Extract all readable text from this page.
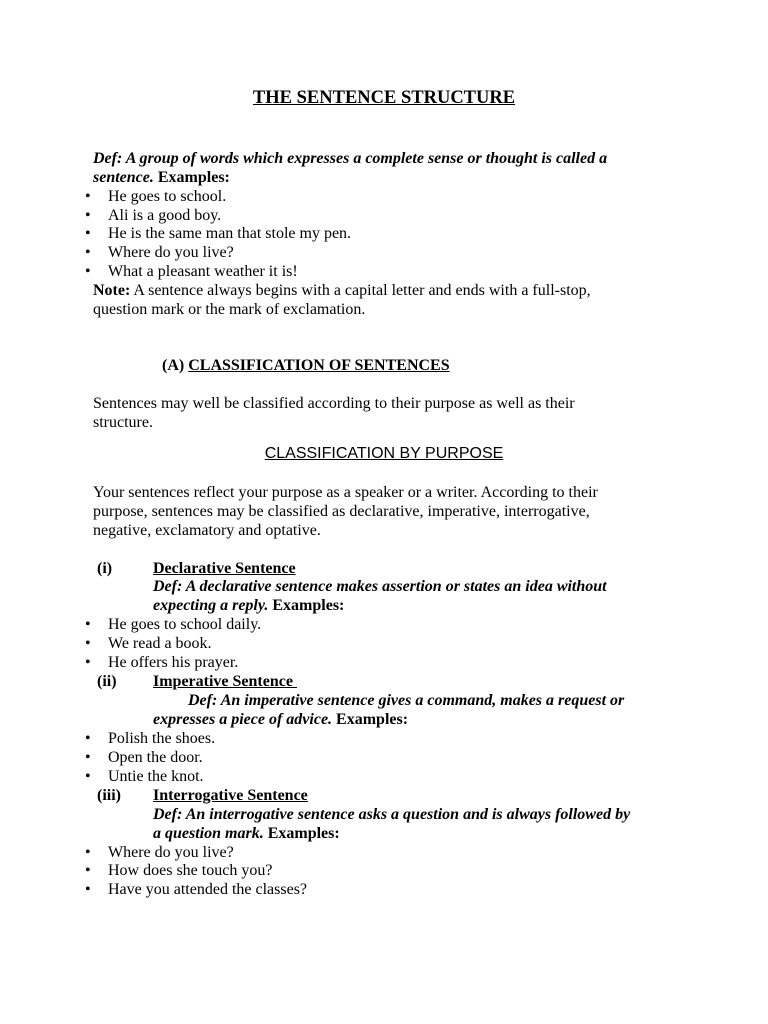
THE SENTENCE STRUCTURE
Def: A group of words which expresses a complete sense or thought is called a
sentence. Examples:
• He goes to school.
• Ali is a good boy.
• He is the same man that stole my pen.
• Where do you live?
• What a pleasant weather it is!
Note: A sentence always begins with a capital letter and ends with a full-stop,
question mark or the mark of exclamation.
(A) CLASSIFICATION OF SENTENCES
Sentences may well be classified according to their purpose as well as their
structure.
CLASSIFICATION BY PURPOSE
Your sentences reflect your purpose as a speaker or a writer. According to their
purpose, sentences may be classified as declarative, imperative, interrogative,
negative, exclamatory and optative.
(i)	Declarative Sentence
Def: A declarative sentence makes assertion or states an idea without
expecting a reply. Examples:
• He goes to school daily.
• We read a book.
• He offers his prayer.
(ii) Imperative Sentence
Def: An imperative sentence gives a command, makes a request or
expresses a piece of advice. Examples:
• Polish the shoes.
• Open the door.
• Untie the knot.
(iii) Interrogative Sentence
Def: An interrogative sentence asks a question and is always followed by
a question mark. Examples:
• Where do you live?
• How does she touch you?
• Have you attended the classes?
